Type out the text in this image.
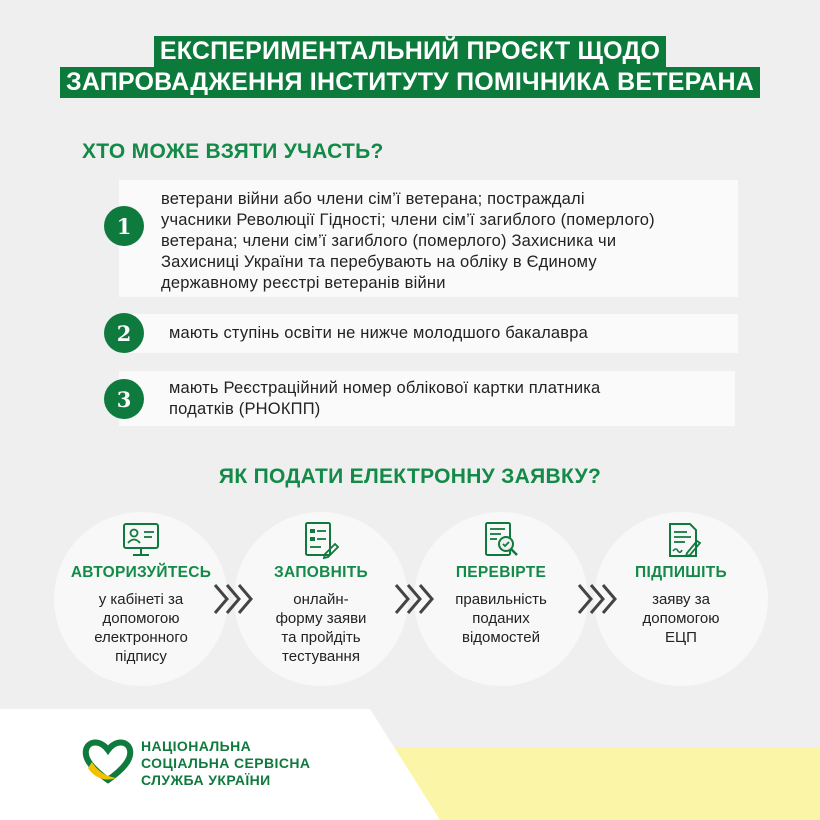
ЕКСПЕРИМЕНТАЛЬНИЙ ПРОЄКТ ЩОДО
ЗАПРОВАДЖЕННЯ ІНСТИТУТУ ПОМІЧНИКА ВЕТЕРАНА
ХТО МОЖЕ ВЗЯТИ УЧАСТЬ?
ветерани війни або члени сім’ї ветерана; постраждалі
учасники Революції Гідності; члени сім’ї загиблого (померлого)
ветерана; члени сім’ї загиблого (померлого) Захисника чи
Захисниці України та перебувають на обліку в Єдиному
державному реєстрі ветеранів війни
1
мають ступінь освіти не нижче молодшого бакалавра
2
мають Реєстраційний номер облікової картки платника
податків (РНОКПП)
3
ЯК ПОДАТИ ЕЛЕКТРОННУ ЗАЯВКУ?
АВТОРИЗУЙТЕСЬ	ЗАПОВНІТЬ	ПЕРЕВІРТЕ	ПІДПИШІТЬ
у кабінеті за
допомогою
електронного
підпису
онлайн-
форму заяви
та пройдіть
тестування
правильність
поданих
відомостей
заяву за
допомогою
ЕЦП
НАЦІОНАЛЬНА
СОЦІАЛЬНА СЕРВІСНА
СЛУЖБА УКРАЇНИ
